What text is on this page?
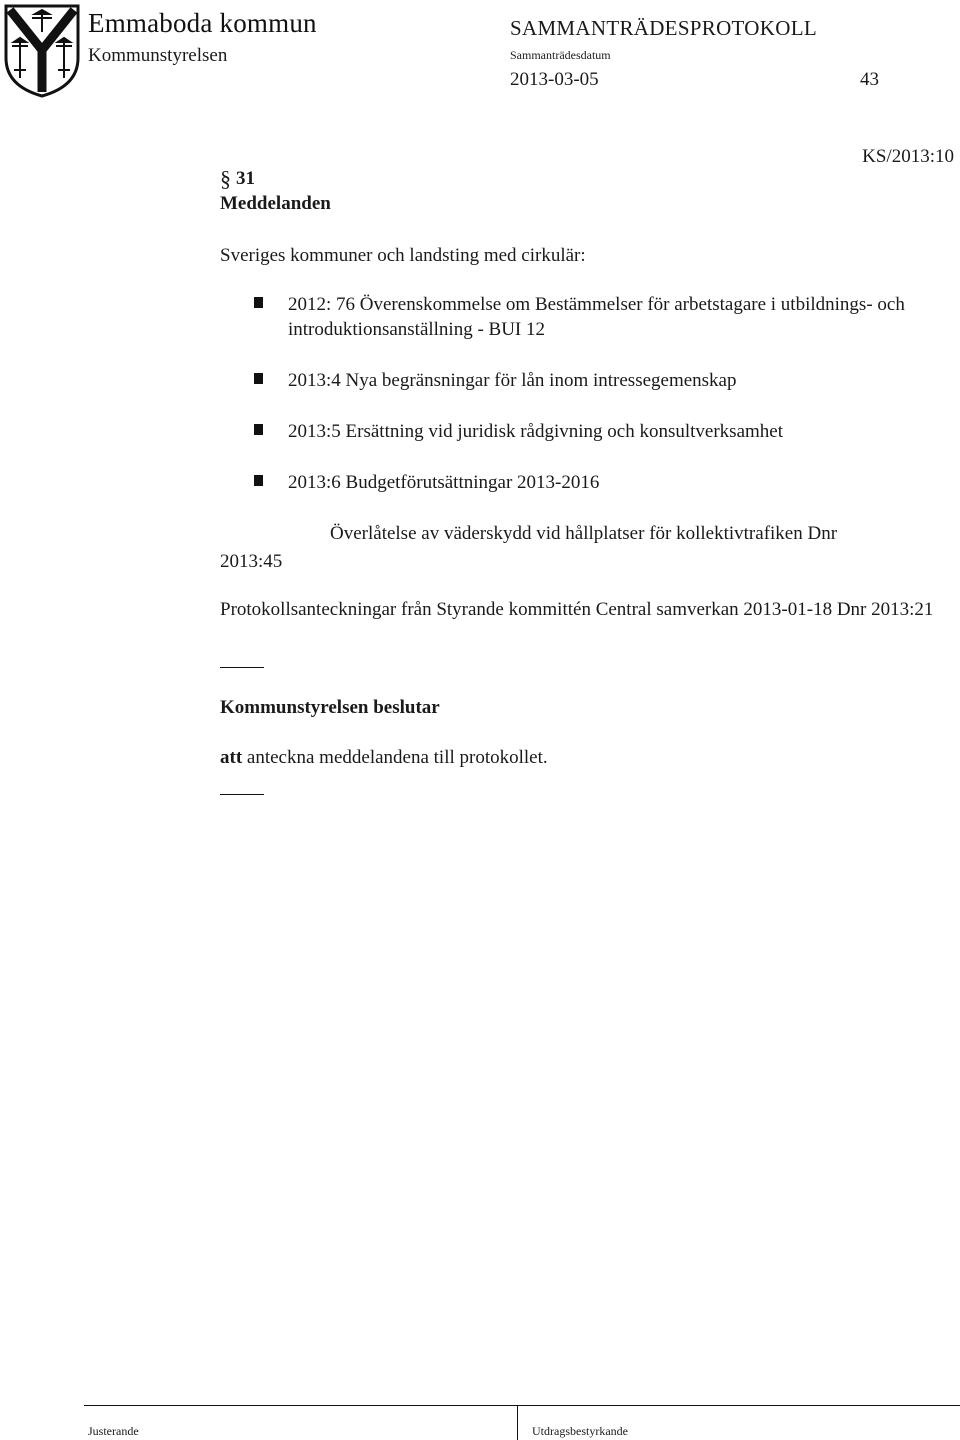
Emmaboda kommun
Kommunstyrelsen
SAMMANTRÄDESPROTOKOLL
Sammanträdesdatum
2013-03-05	43
KS/2013:10
§ 31
Meddelanden
Sveriges kommuner och landsting med cirkulär:
2012: 76 Överenskommelse om Bestämmelser för arbetstagare i utbildnings- och introduktionsanställning - BUI 12
2013:4 Nya begränsningar för lån inom intressegemenskap
2013:5 Ersättning vid juridisk rådgivning och konsultverksamhet
2013:6 Budgetförutsättningar 2013-2016
Överlåtelse av väderskydd vid hållplatser för kollektivtrafiken Dnr
2013:45
Protokollsanteckningar från Styrande kommittén Central samverkan 2013-01-18 Dnr 2013:21
Kommunstyrelsen beslutar
att anteckna meddelandena till protokollet.
Justerande	Utdragsbestyrkande
